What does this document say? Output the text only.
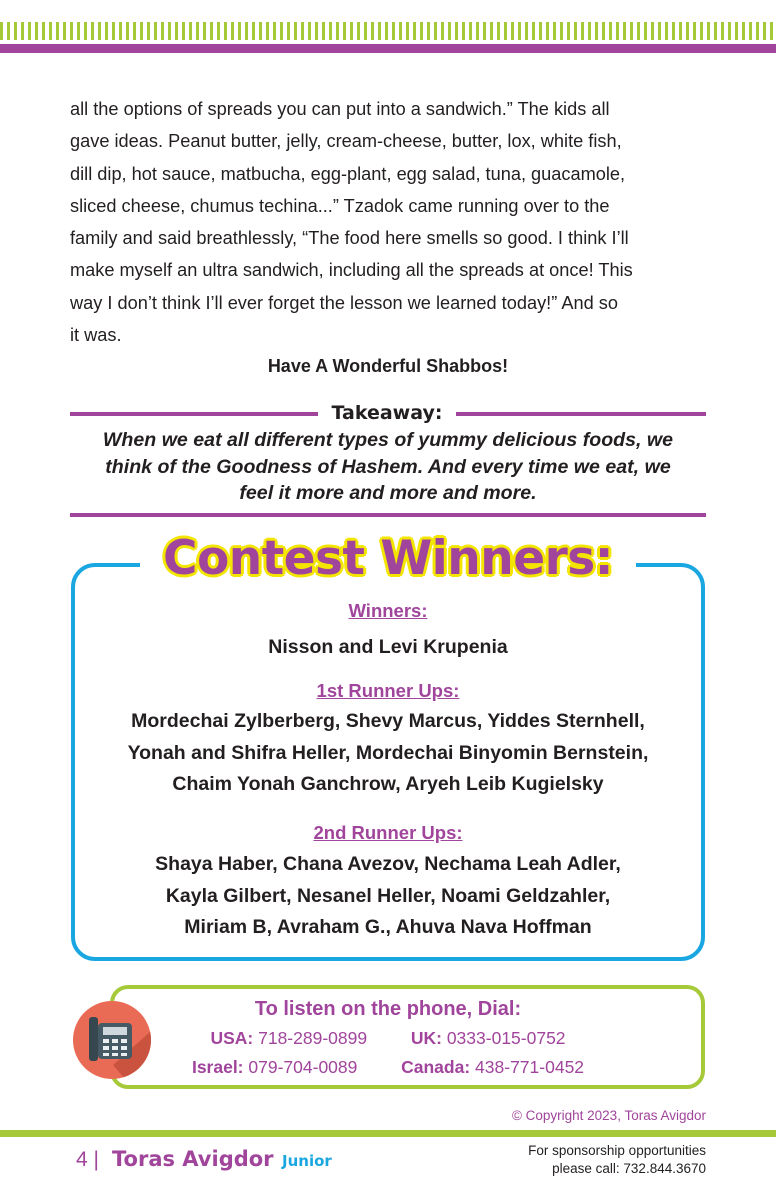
all the options of spreads you can put into a sandwich.” The kids all
gave ideas. Peanut butter, jelly, cream-cheese, butter, lox, white fish,
dill dip, hot sauce, matbucha, egg-plant, egg salad, tuna, guacamole,
sliced cheese, chumus techina...” Tzadok came running over to the
family and said breathlessly, “The food here smells so good. I think I’ll
make myself an ultra sandwich, including all the spreads at once! This
way I don’t think I’ll ever forget the lesson we learned today!” And so
it was.
Have A Wonderful Shabbos!
Takeaway:
When we eat all different types of yummy delicious foods, we
think of the Goodness of Hashem. And every time we eat, we
feel it more and more and more.
Contest Winners:
Winners:
Nisson and Levi Krupenia
1st Runner Ups:
Mordechai Zylberberg, Shevy Marcus, Yiddes Sternhell,
Yonah and Shifra Heller, Mordechai Binyomin Bernstein,
Chaim Yonah Ganchrow, Aryeh Leib Kugielsky
2nd Runner Ups:
Shaya Haber, Chana Avezov, Nechama Leah Adler,
Kayla Gilbert, Nesanel Heller, Noami Geldzahler,
Miriam B, Avraham G., Ahuva Nava Hoffman
To listen on the phone, Dial:
USA: 718-289-0899	UK: 0333-015-0752
Israel: 079-704-0089	Canada: 438-771-0452
© Copyright 2023, Toras Avigdor
4 | Toras Avigdor Junior
For sponsorship opportunities
please call: 732.844.3670
